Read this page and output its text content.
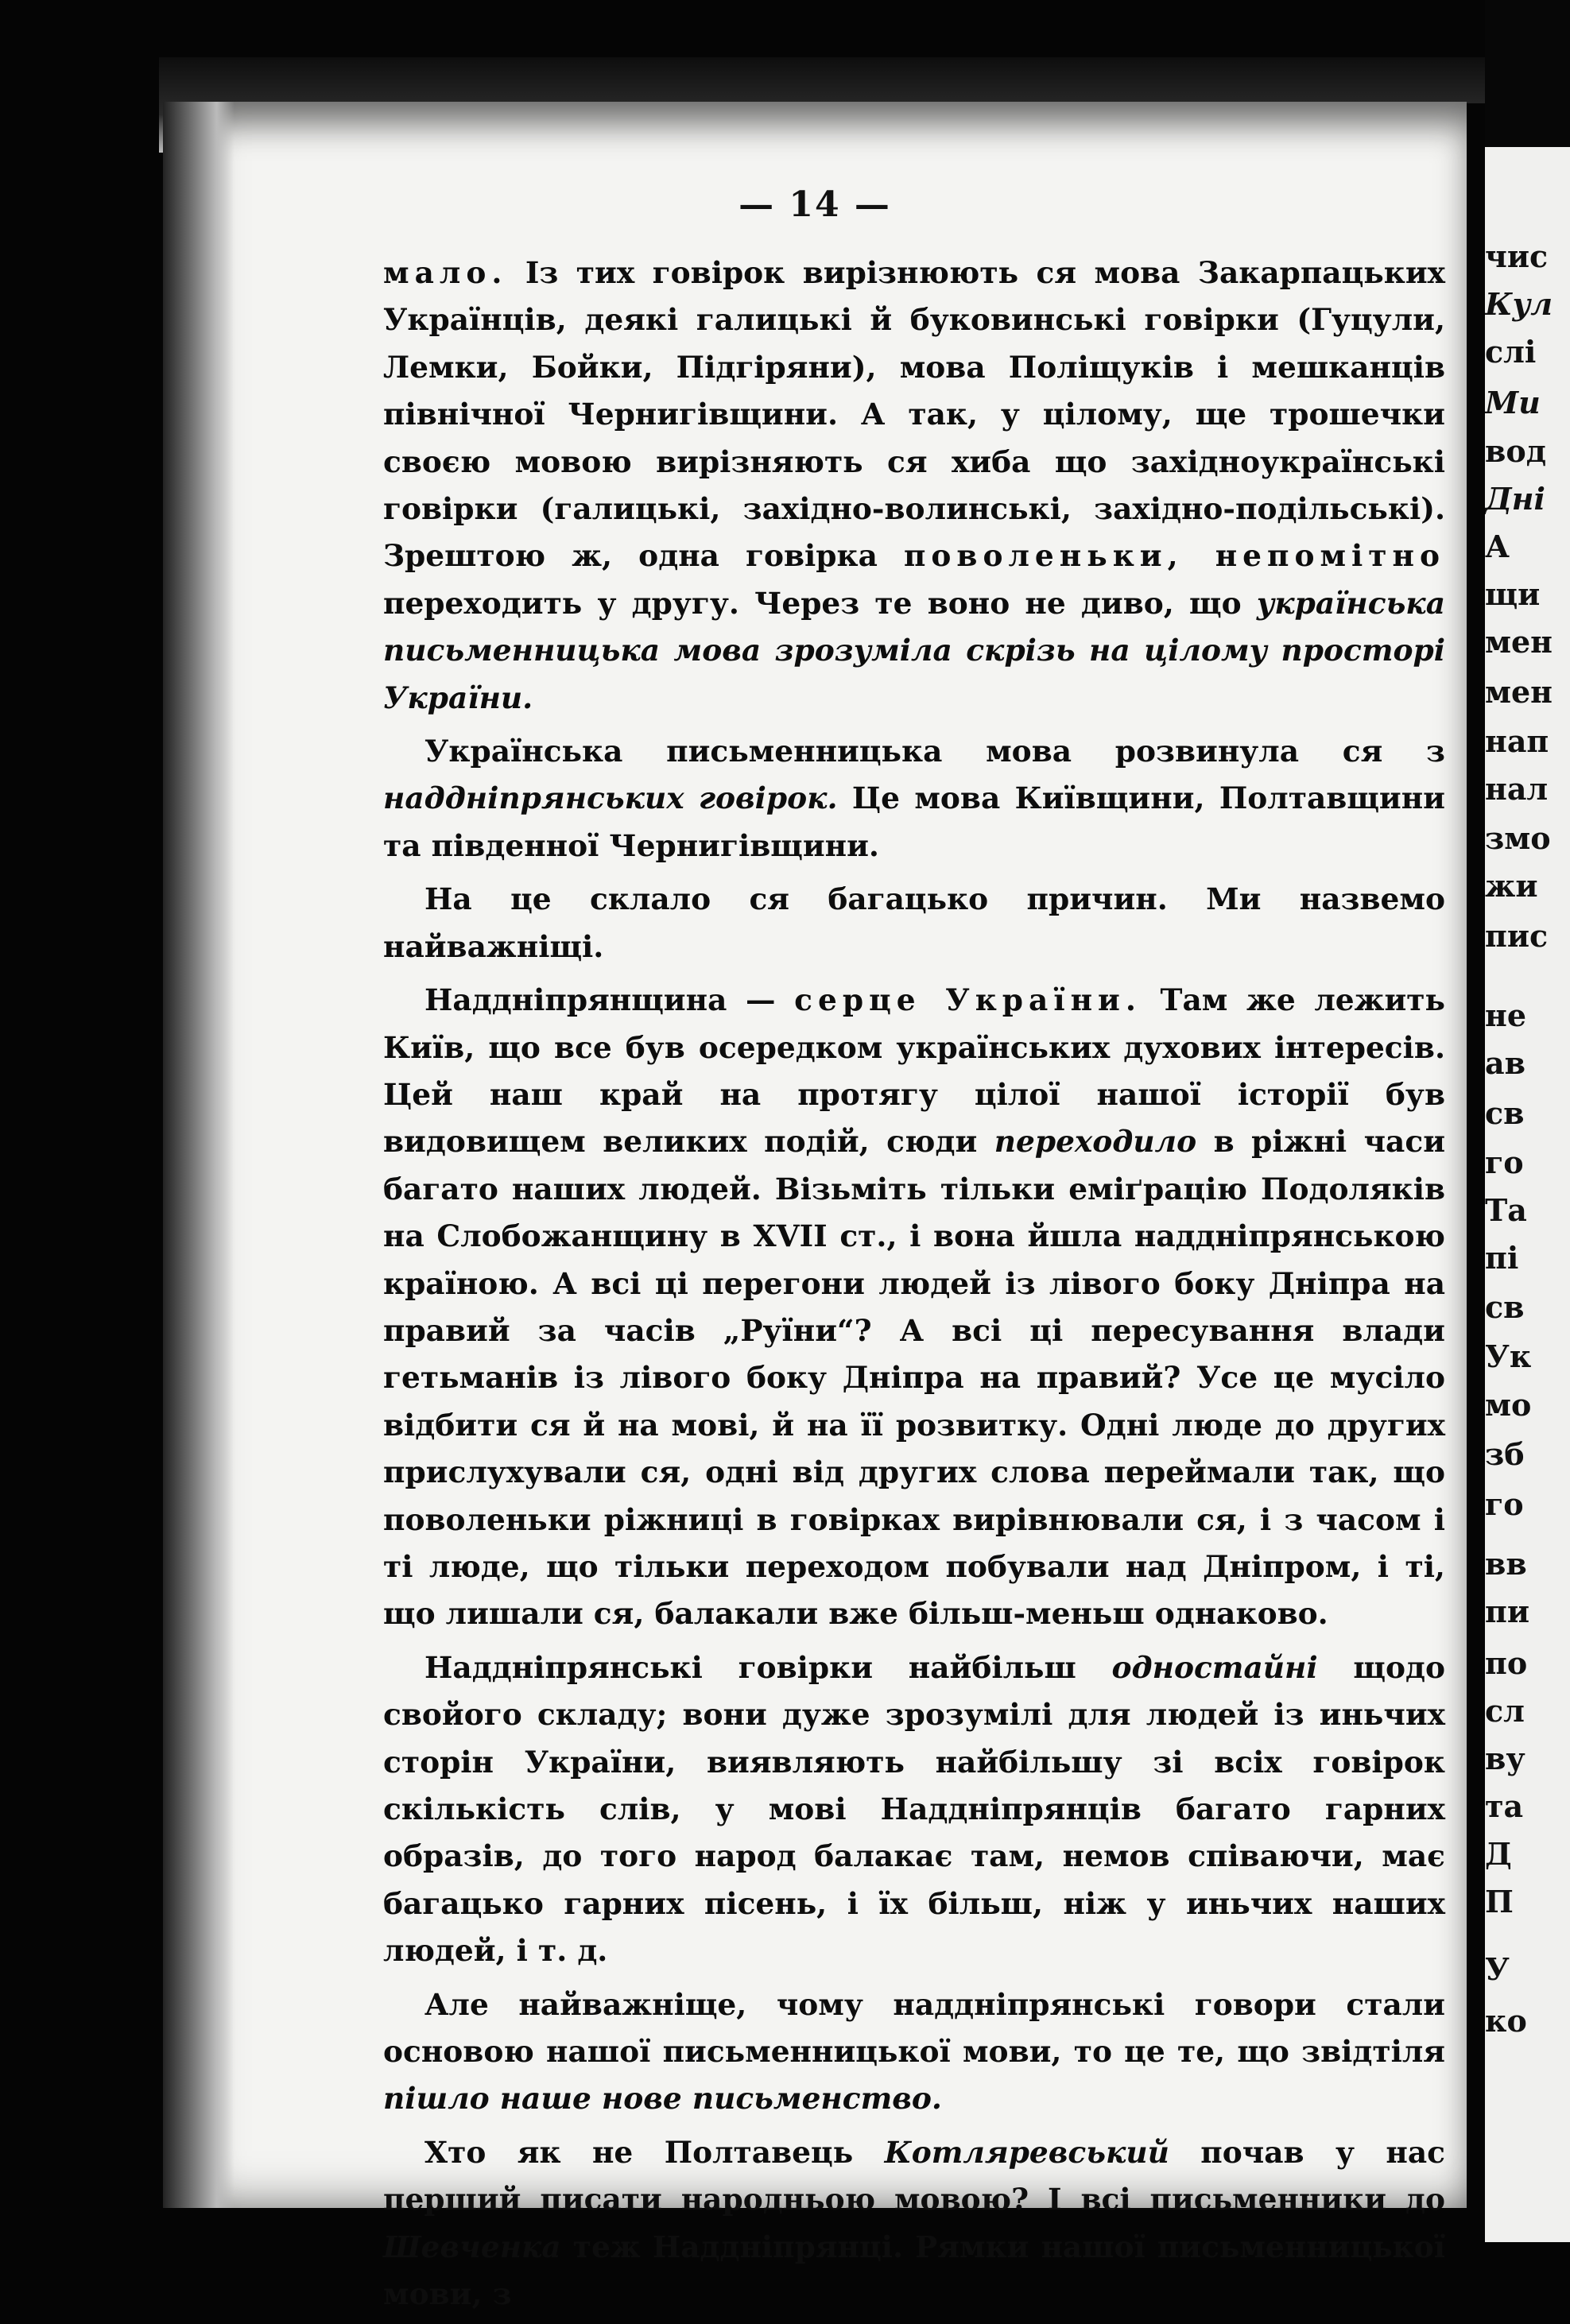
— 14 —

мало. Із тих говірок вирізнюють ся мова Закарпацьких Українців, деякі галицькі й буковинські говірки (Гуцули, Лемки, Бойки, Підгіряни), мова Поліщуків і мешканців північної Чернигівщини. А так, у цілому, ще трошечки своєю мовою вирізняють ся хиба що західноукраїнські говірки (галицькі, західно-волинські, західно-подільські). Зрештою ж, одна говірка поволеньки, непомітно переходить у другу. Через те воно не диво, що українська письменницька мова зрозуміла скрізь на цілому просторі України.

Українська письменницька мова розвинула ся з наддніпрянських говірок. Це мова Київщини, Полтавщини та південної Чернигівщини.

На це склало ся багацько причин. Ми назвемо найважніщі.

Наддніпрянщина — серце України. Там же лежить Київ, що все був осередком українських духових інтересів. Цей наш край на протягу цілої нашої історії був видовищем великих подій, сюди переходило в ріжні часи багато наших людей. Візьміть тільки еміґрацію Подоляків на Слобожанщину в XVII ст., і вона йшла наддніпрянською країною. А всі ці перегони людей із лівого боку Дніпра на правий за часів „Руїни“? А всі ці пересування влади гетьманів із лівого боку Дніпра на правий? Усе це мусіло відбити ся й на мові, й на її розвитку. Одні люде до других прислухували ся, одні від других слова переймали так, що поволеньки ріжниці в говірках вирівнювали ся, і з часом і ті люде, що тільки переходом побували над Дніпром, і ті, що лишали ся, балакали вже більш-меньш однаково.

Наддніпрянські говірки найбільш одностайні щодо свойого складу; вони дуже зрозумілі для людей із иньчих сторін України, виявляють найбільшу зі всіх говірок скількість слів, у мові Наддніпрянців багато гарних образів, до того народ балакає там, немов співаючи, має багацько гарних пісень, і їх більш, ніж у иньчих наших людей, і т. д.

Але найважніще, чому наддніпрянські говори стали основою нашої письменницької мови, то це те, що звідтіля пішло наше нове письменство.

Хто як не Полтавець Котляревський почав у нас перший писати народньою мовою? І всі письменники до Шевченка теж Наддніпрянці. Рямки нашої письменницької мови, з

чис
Кул
слі
Ми
вод
Дні
А
щи
мен
мен
нап
нал
змо
жи
пис
не
ав
св
го
Та
пі
св
Ук
мо
зб
го
вв
пи
по
сл
ву
та
Д
П
У
ко
